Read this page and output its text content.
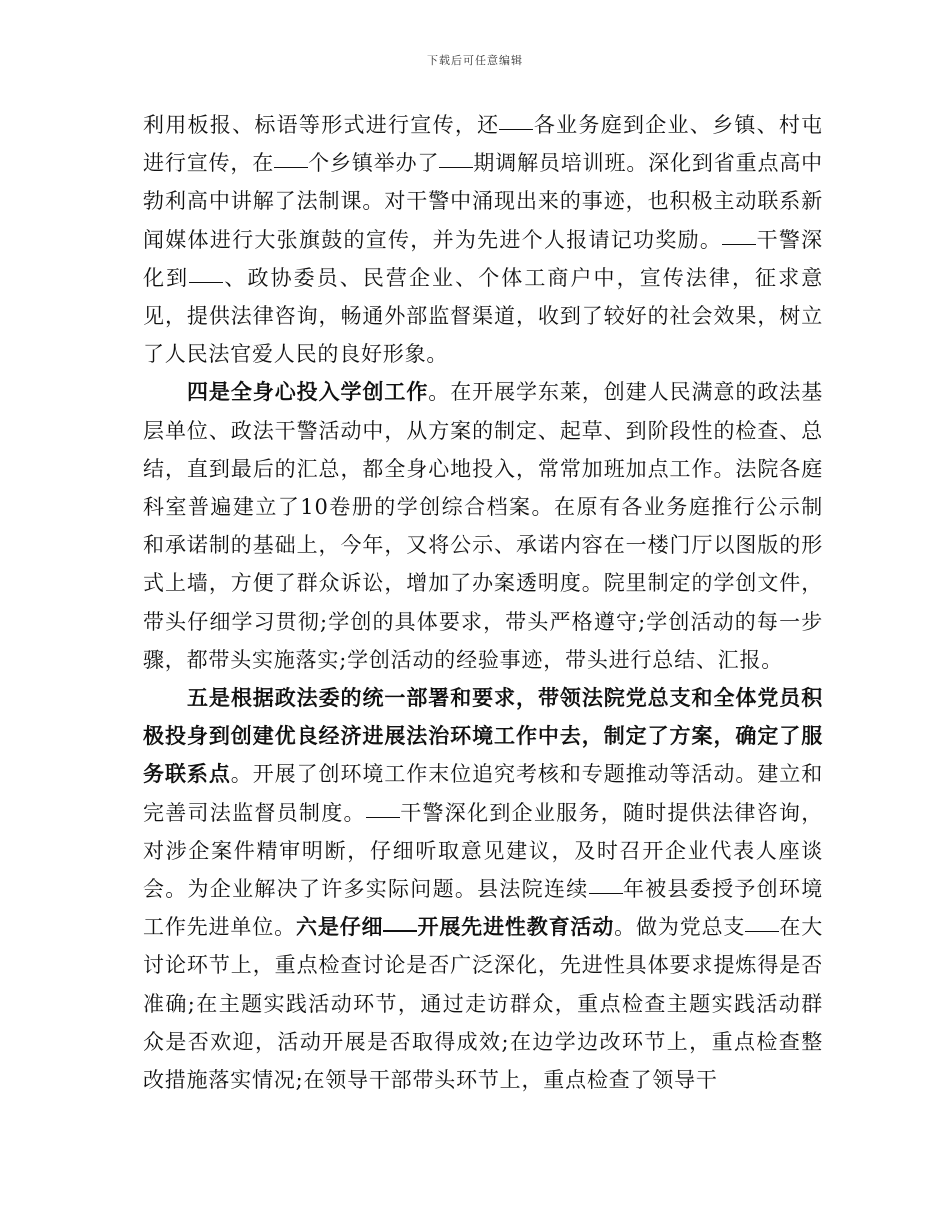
下载后可任意编辑

利用板报、标语等形式进行宣传，还 各业务庭到企业、乡镇、村屯进行宣传，在 个乡镇举办了 期调解员培训班。深化到省重点高中勃利高中讲解了法制课。对干警中涌现出来的事迹，也积极主动联系新闻媒体进行大张旗鼓的宣传，并为先进个人报请记功奖励。 干警深化到 、政协委员、民营企业、个体工商户中，宣传法律，征求意见，提供法律咨询，畅通外部监督渠道，收到了较好的社会效果，树立了人民法官爱人民的良好形象。

四是全身心投入学创工作。在开展学东莱，创建人民满意的政法基层单位、政法干警活动中，从方案的制定、起草、到阶段性的检查、总结，直到最后的汇总，都全身心地投入，常常加班加点工作。法院各庭科室普遍建立了10卷册的学创综合档案。在原有各业务庭推行公示制和承诺制的基础上，今年，又将公示、承诺内容在一楼门厅以图版的形式上墙，方便了群众诉讼，增加了办案透明度。院里制定的学创文件，带头仔细学习贯彻;学创的具体要求，带头严格遵守;学创活动的每一步骤，都带头实施落实;学创活动的经验事迹，带头进行总结、汇报。

五是根据政法委的统一部署和要求，带领法院党总支和全体党员积极投身到创建优良经济进展法治环境工作中去，制定了方案，确定了服务联系点。开展了创环境工作末位追究考核和专题推动等活动。建立和完善司法监督员制度。 干警深化到企业服务，随时提供法律咨询，对涉企案件精审明断，仔细听取意见建议，及时召开企业代表人座谈会。为企业解决了许多实际问题。县法院连续 年被县委授予创环境工作先进单位。六是仔细 开展先进性教育活动。做为党总支 在大讨论环节上，重点检查讨论是否广泛深化，先进性具体要求提炼得是否准确;在主题实践活动环节，通过走访群众，重点检查主题实践活动群众是否欢迎，活动开展是否取得成效;在边学边改环节上，重点检查整改措施落实情况;在领导干部带头环节上，重点检查了领导干
